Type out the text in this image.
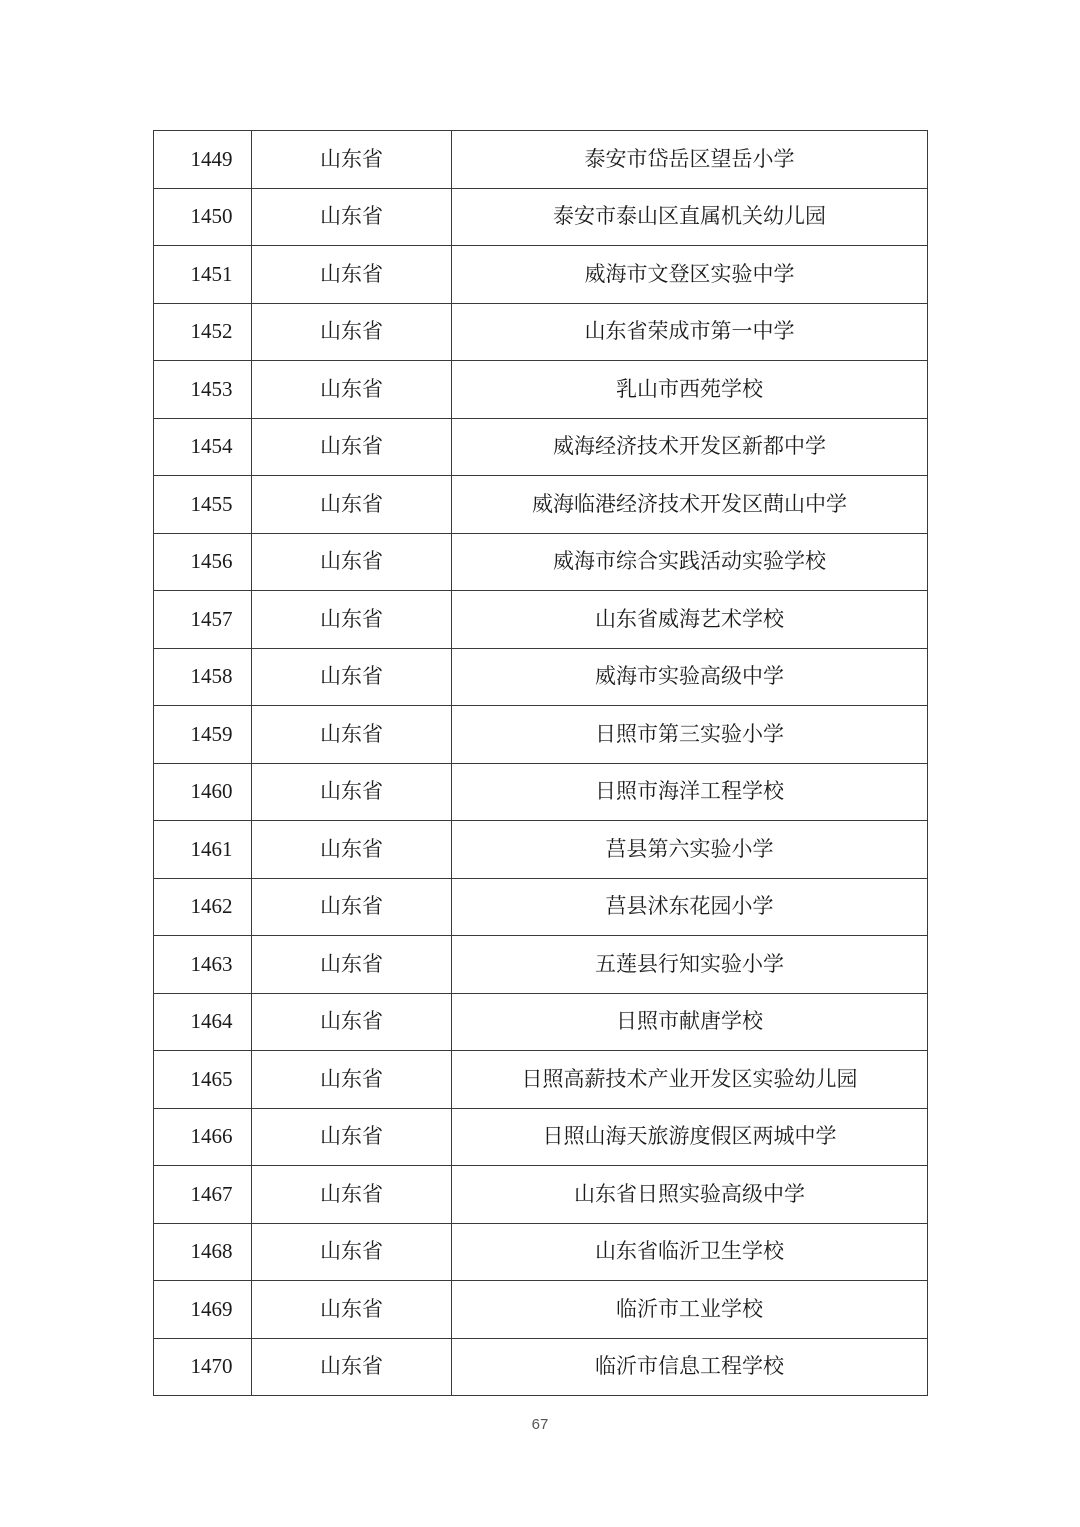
1449	山东省	泰安市岱岳区望岳小学
1450	山东省	泰安市泰山区直属机关幼儿园
1451	山东省	威海市文登区实验中学
1452	山东省	山东省荣成市第一中学
1453	山东省	乳山市西苑学校
1454	山东省	威海经济技术开发区新都中学
1455	山东省	威海临港经济技术开发区蔄山中学
1456	山东省	威海市综合实践活动实验学校
1457	山东省	山东省威海艺术学校
1458	山东省	威海市实验高级中学
1459	山东省	日照市第三实验小学
1460	山东省	日照市海洋工程学校
1461	山东省	莒县第六实验小学
1462	山东省	莒县沭东花园小学
1463	山东省	五莲县行知实验小学
1464	山东省	日照市献唐学校
1465	山东省	日照高薪技术产业开发区实验幼儿园
1466	山东省	日照山海天旅游度假区两城中学
1467	山东省	山东省日照实验高级中学
1468	山东省	山东省临沂卫生学校
1469	山东省	临沂市工业学校
1470	山东省	临沂市信息工程学校
67
